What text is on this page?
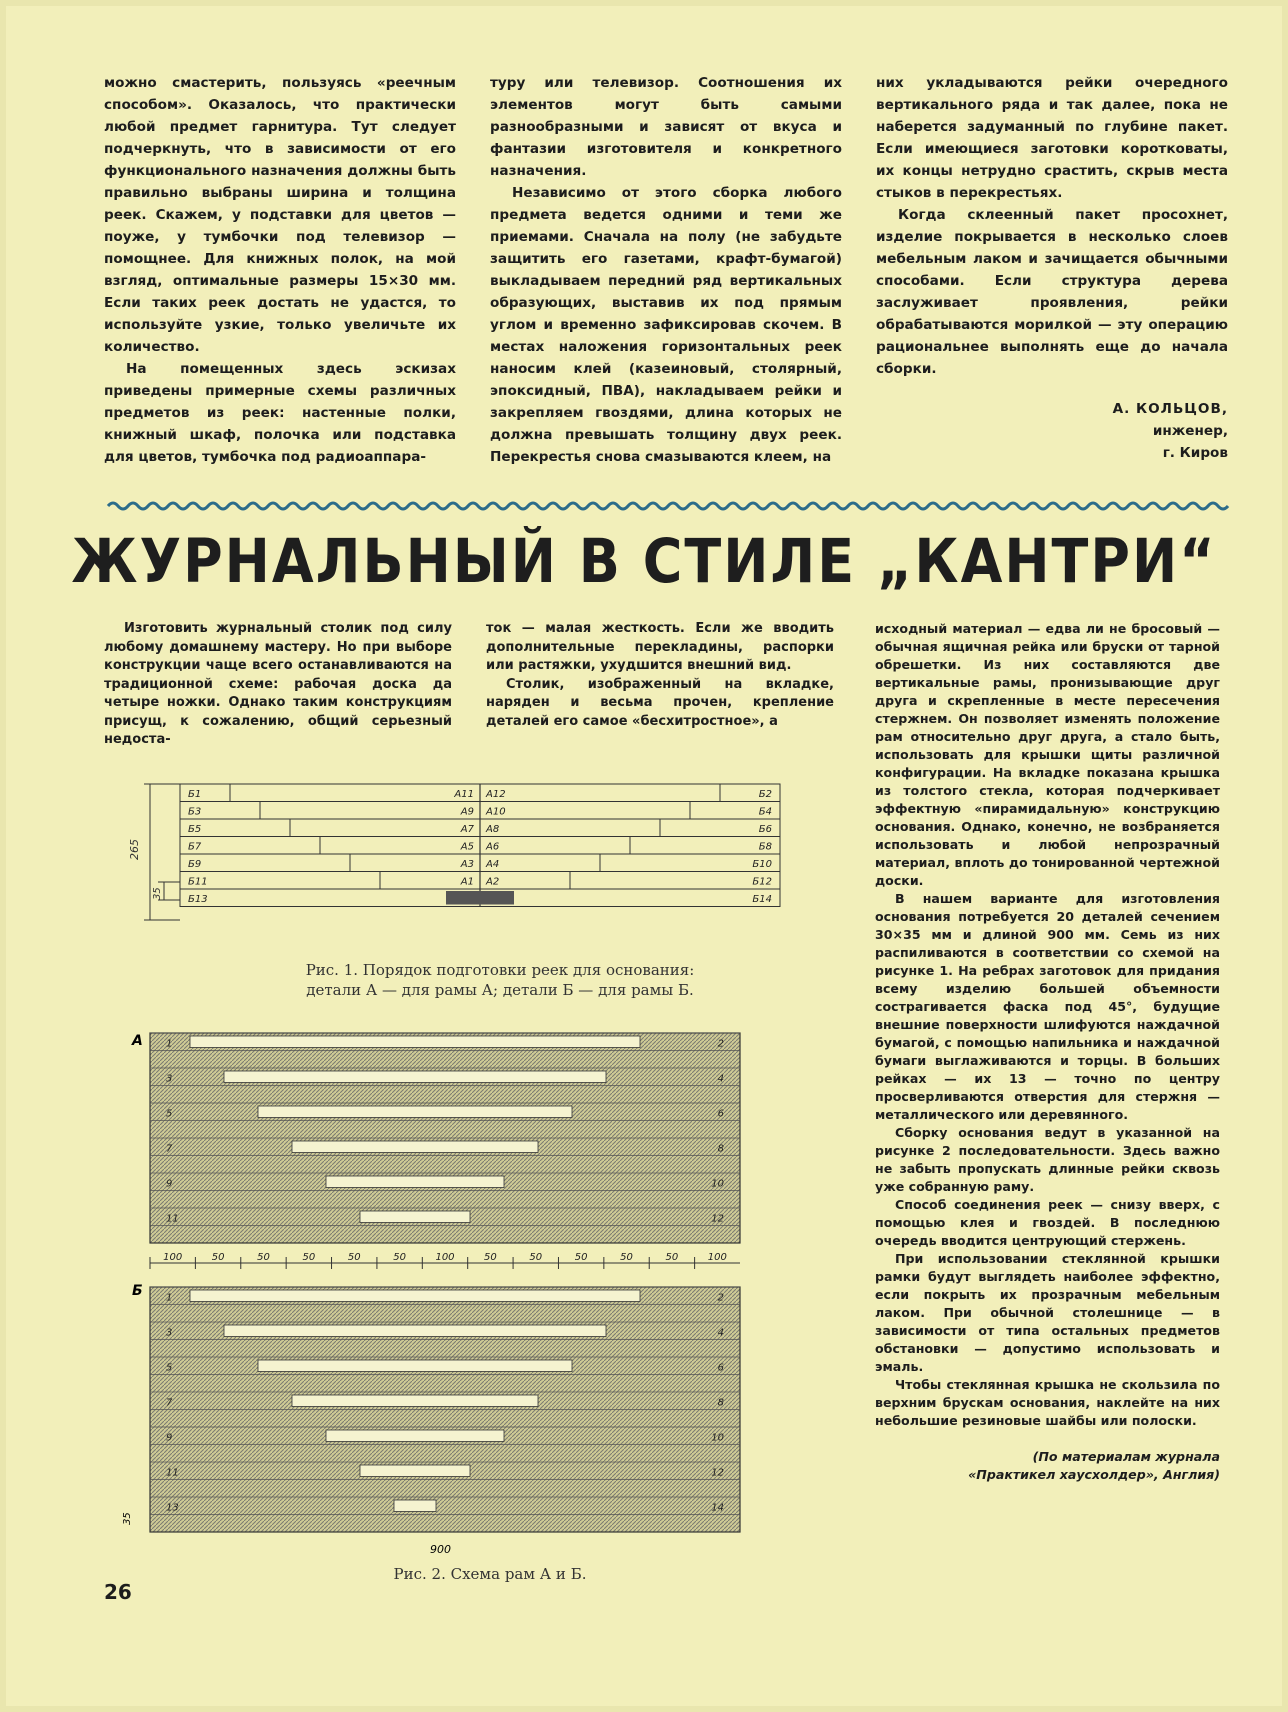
можно смастерить, пользуясь «реечным способом». Оказалось, что практически любой предмет гарнитура. Тут следует подчеркнуть, что в зависимости от его функционального назначения должны быть правильно выбраны ширина и толщина реек. Скажем, у подставки для цветов — поуже, у тумбочки под телевизор — помощнее. Для книжных полок, на мой взгляд, оптимальные размеры 15×30 мм. Если таких реек достать не удастся, то используйте узкие, только увеличьте их количество.

На помещенных здесь эскизах приведены примерные схемы различных предметов из реек: настенные полки, книжный шкаф, полочка или подставка для цветов, тумбочка под радиоаппара-

туру или телевизор. Соотношения их элементов могут быть самыми разнообразными и зависят от вкуса и фантазии изготовителя и конкретного назначения.

Независимо от этого сборка любого предмета ведется одними и теми же приемами. Сначала на полу (не забудьте защитить его газетами, крафт-бумагой) выкладываем передний ряд вертикальных образующих, выставив их под прямым углом и временно зафиксировав скочем. В местах наложения горизонтальных реек наносим клей (казеиновый, столярный, эпоксидный, ПВА), накладываем рейки и закрепляем гвоздями, длина которых не должна превышать толщину двух реек. Перекрестья снова смазываются клеем, на

них укладываются рейки очередного вертикального ряда и так далее, пока не наберется задуманный по глубине пакет. Если имеющиеся заготовки коротковаты, их концы нетрудно срастить, скрыв места стыков в перекрестьях.

Когда склеенный пакет просохнет, изделие покрывается в несколько слоев мебельным лаком и зачищается обычными способами. Если структура дерева заслуживает проявления, рейки обрабатываются морилкой — эту операцию рациональнее выполнять еще до начала сборки.

А. КОЛЬЦОВ,
инженер,
г. Киров
ЖУРНАЛЬНЫЙ В СТИЛЕ „КАНТРИ“

Изготовить журнальный столик под силу любому домашнему мастеру. Но при выборе конструкции чаще всего останавливаются на традиционной схеме: рабочая доска да четыре ножки. Однако таким конструкциям присущ, к сожалению, общий серьезный недоста-

ток — малая жесткость. Если же вводить дополнительные перекладины, распорки или растяжки, ухудшится внешний вид.

Столик, изображенный на вкладке, наряден и весьма прочен, крепление деталей его самое «бесхитростное», а

исходный материал — едва ли не бросовый — обычная ящичная рейка или бруски от тарной обрешетки. Из них составляются две вертикальные рамы, пронизывающие друг друга и скрепленные в месте пересечения стержнем. Он позволяет изменять положение рам относительно друг друга, а стало быть, использовать для крышки щиты различной конфигурации. На вкладке показана крышка из толстого стекла, которая подчеркивает эффектную «пирамидальную» конструкцию основания. Однако, конечно, не возбраняется использовать и любой непрозрачный материал, вплоть до тонированной чертежной доски.

В нашем варианте для изготовления основания потребуется 20 деталей сечением 30×35 мм и длиной 900 мм. Семь из них распиливаются в соответствии со схемой на рисунке 1. На ребрах заготовок для придания всему изделию большей объемности сострагивается фаска под 45°, будущие внешние поверхности шлифуются наждачной бумагой, с помощью напильника и наждачной бумаги выглаживаются и торцы. В больших рейках — их 13 — точно по центру просверливаются отверстия для стержня — металлического или деревянного.

Сборку основания ведут в указанной на рисунке 2 последовательности. Здесь важно не забыть пропускать длинные рейки сквозь уже собранную раму.

Способ соединения реек — снизу вверх, с помощью клея и гвоздей. В последнюю очередь вводится центрующий стержень.

При использовании стеклянной крышки рамки будут выглядеть наиболее эффектно, если покрыть их прозрачным мебельным лаком. При обычной столешнице — в зависимости от типа остальных предметов обстановки — допустимо использовать и эмаль.

Чтобы стеклянная крышка не скользила по верхним брускам основания, наклейте на них небольшие резиновые шайбы или полоски.

(По материалам журнала
«Практикел хаусхолдер», Англия)
265
35
Б1	Б2
А11 А12
Б3	Б4
А9 А10
Б5	Б6
А7 А8
Б7	Б8
А5 А6
Б9	Б10
А3 А4
Б11	Б12
А1 А2
Б13	Б14
Рис. 1. Порядок подготовки реек для основания:
детали А — для рамы А; детали Б — для рамы Б.
А
Б
1	2
3	4
5	6
7	8
9	10
11	12
100	50	50	50	50	50	100	50	50	50	50	50	100
1	2
3	4
5	6
7	8
9	10
11	12
13	14
35
900
Рис. 2. Схема рам А и Б.
26
